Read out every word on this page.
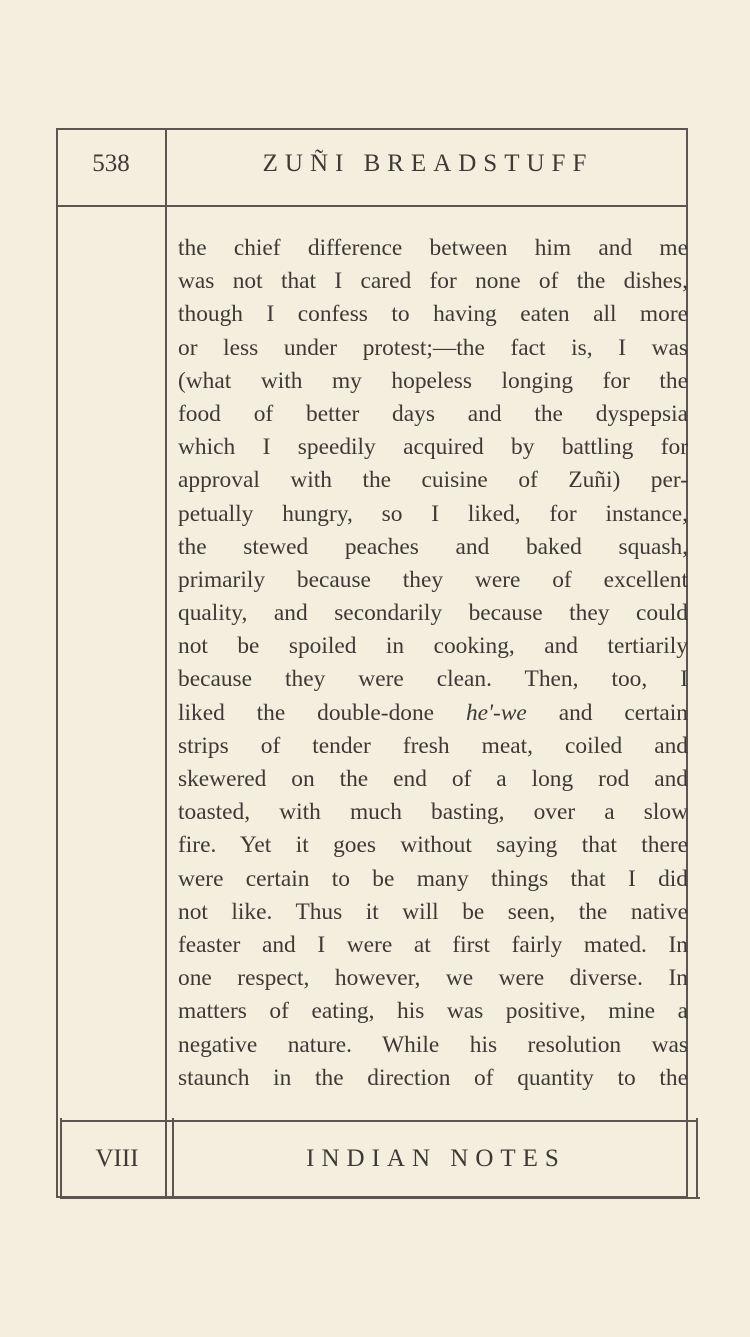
538	ZUÑI BREADSTUFF
the chief difference between him and me
was not that I cared for none of the dishes,
though I confess to having eaten all more
or less under protest;—the fact is, I was
(what with my hopeless longing for the
food of better days and the dyspepsia
which I speedily acquired by battling for
approval with the cuisine of Zuñi) per-
petually hungry, so I liked, for instance,
the stewed peaches and baked squash,
primarily because they were of excellent
quality, and secondarily because they could
not be spoiled in cooking, and tertiarily
because they were clean. Then, too, I
liked the double-done he'-we and certain
strips of tender fresh meat, coiled and
skewered on the end of a long rod and
toasted, with much basting, over a slow
fire. Yet it goes without saying that there
were certain to be many things that I did
not like. Thus it will be seen, the native
feaster and I were at first fairly mated. In
one respect, however, we were diverse. In
matters of eating, his was positive, mine a
negative nature. While his resolution was
staunch in the direction of quantity to the
VIII	INDIAN NOTES
